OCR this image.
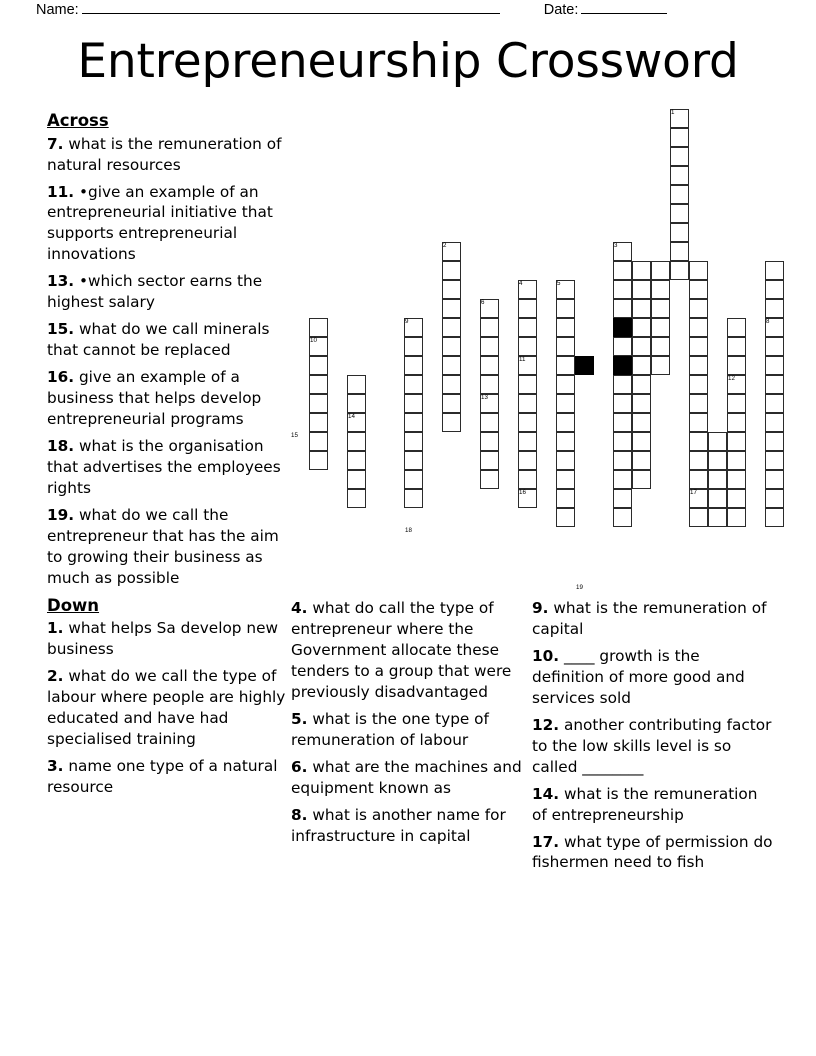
Name:	Date:
Entrepreneurship Crossword
1
2	3
4	5
6
7	8
9
10
11
12
13
14
15
16	17
18
19
Across

7. what is the remuneration of natural resources

11. •give an example of an entrepreneurial initiative that supports entrepreneurial innovations

13. •which sector earns the highest salary

15. what do we call minerals that cannot be replaced

16. give an example of a business that helps develop entrepreneurial programs

18. what is the organisation that advertises the employees rights

19. what do we call the entrepreneur that has the aim to growing their business as much as possible

Down

1. what helps Sa develop new business

2. what do we call the type of labour where people are highly educated and have had specialised training

3. name one type of a natural resource

4. what do call the type of entrepreneur where the Government allocate these tenders to a group that were previously disadvantaged

5. what is the one type of remuneration of labour

6. what are the machines and equipment known as

8. what is another name for infrastructure in capital

9. what is the remuneration of capital

10. ____ growth is the definition of more good and services sold

12. another contributing factor to the low skills level is so called ________

14. what is the remuneration of entrepreneurship

17. what type of permission do fishermen need to fish
